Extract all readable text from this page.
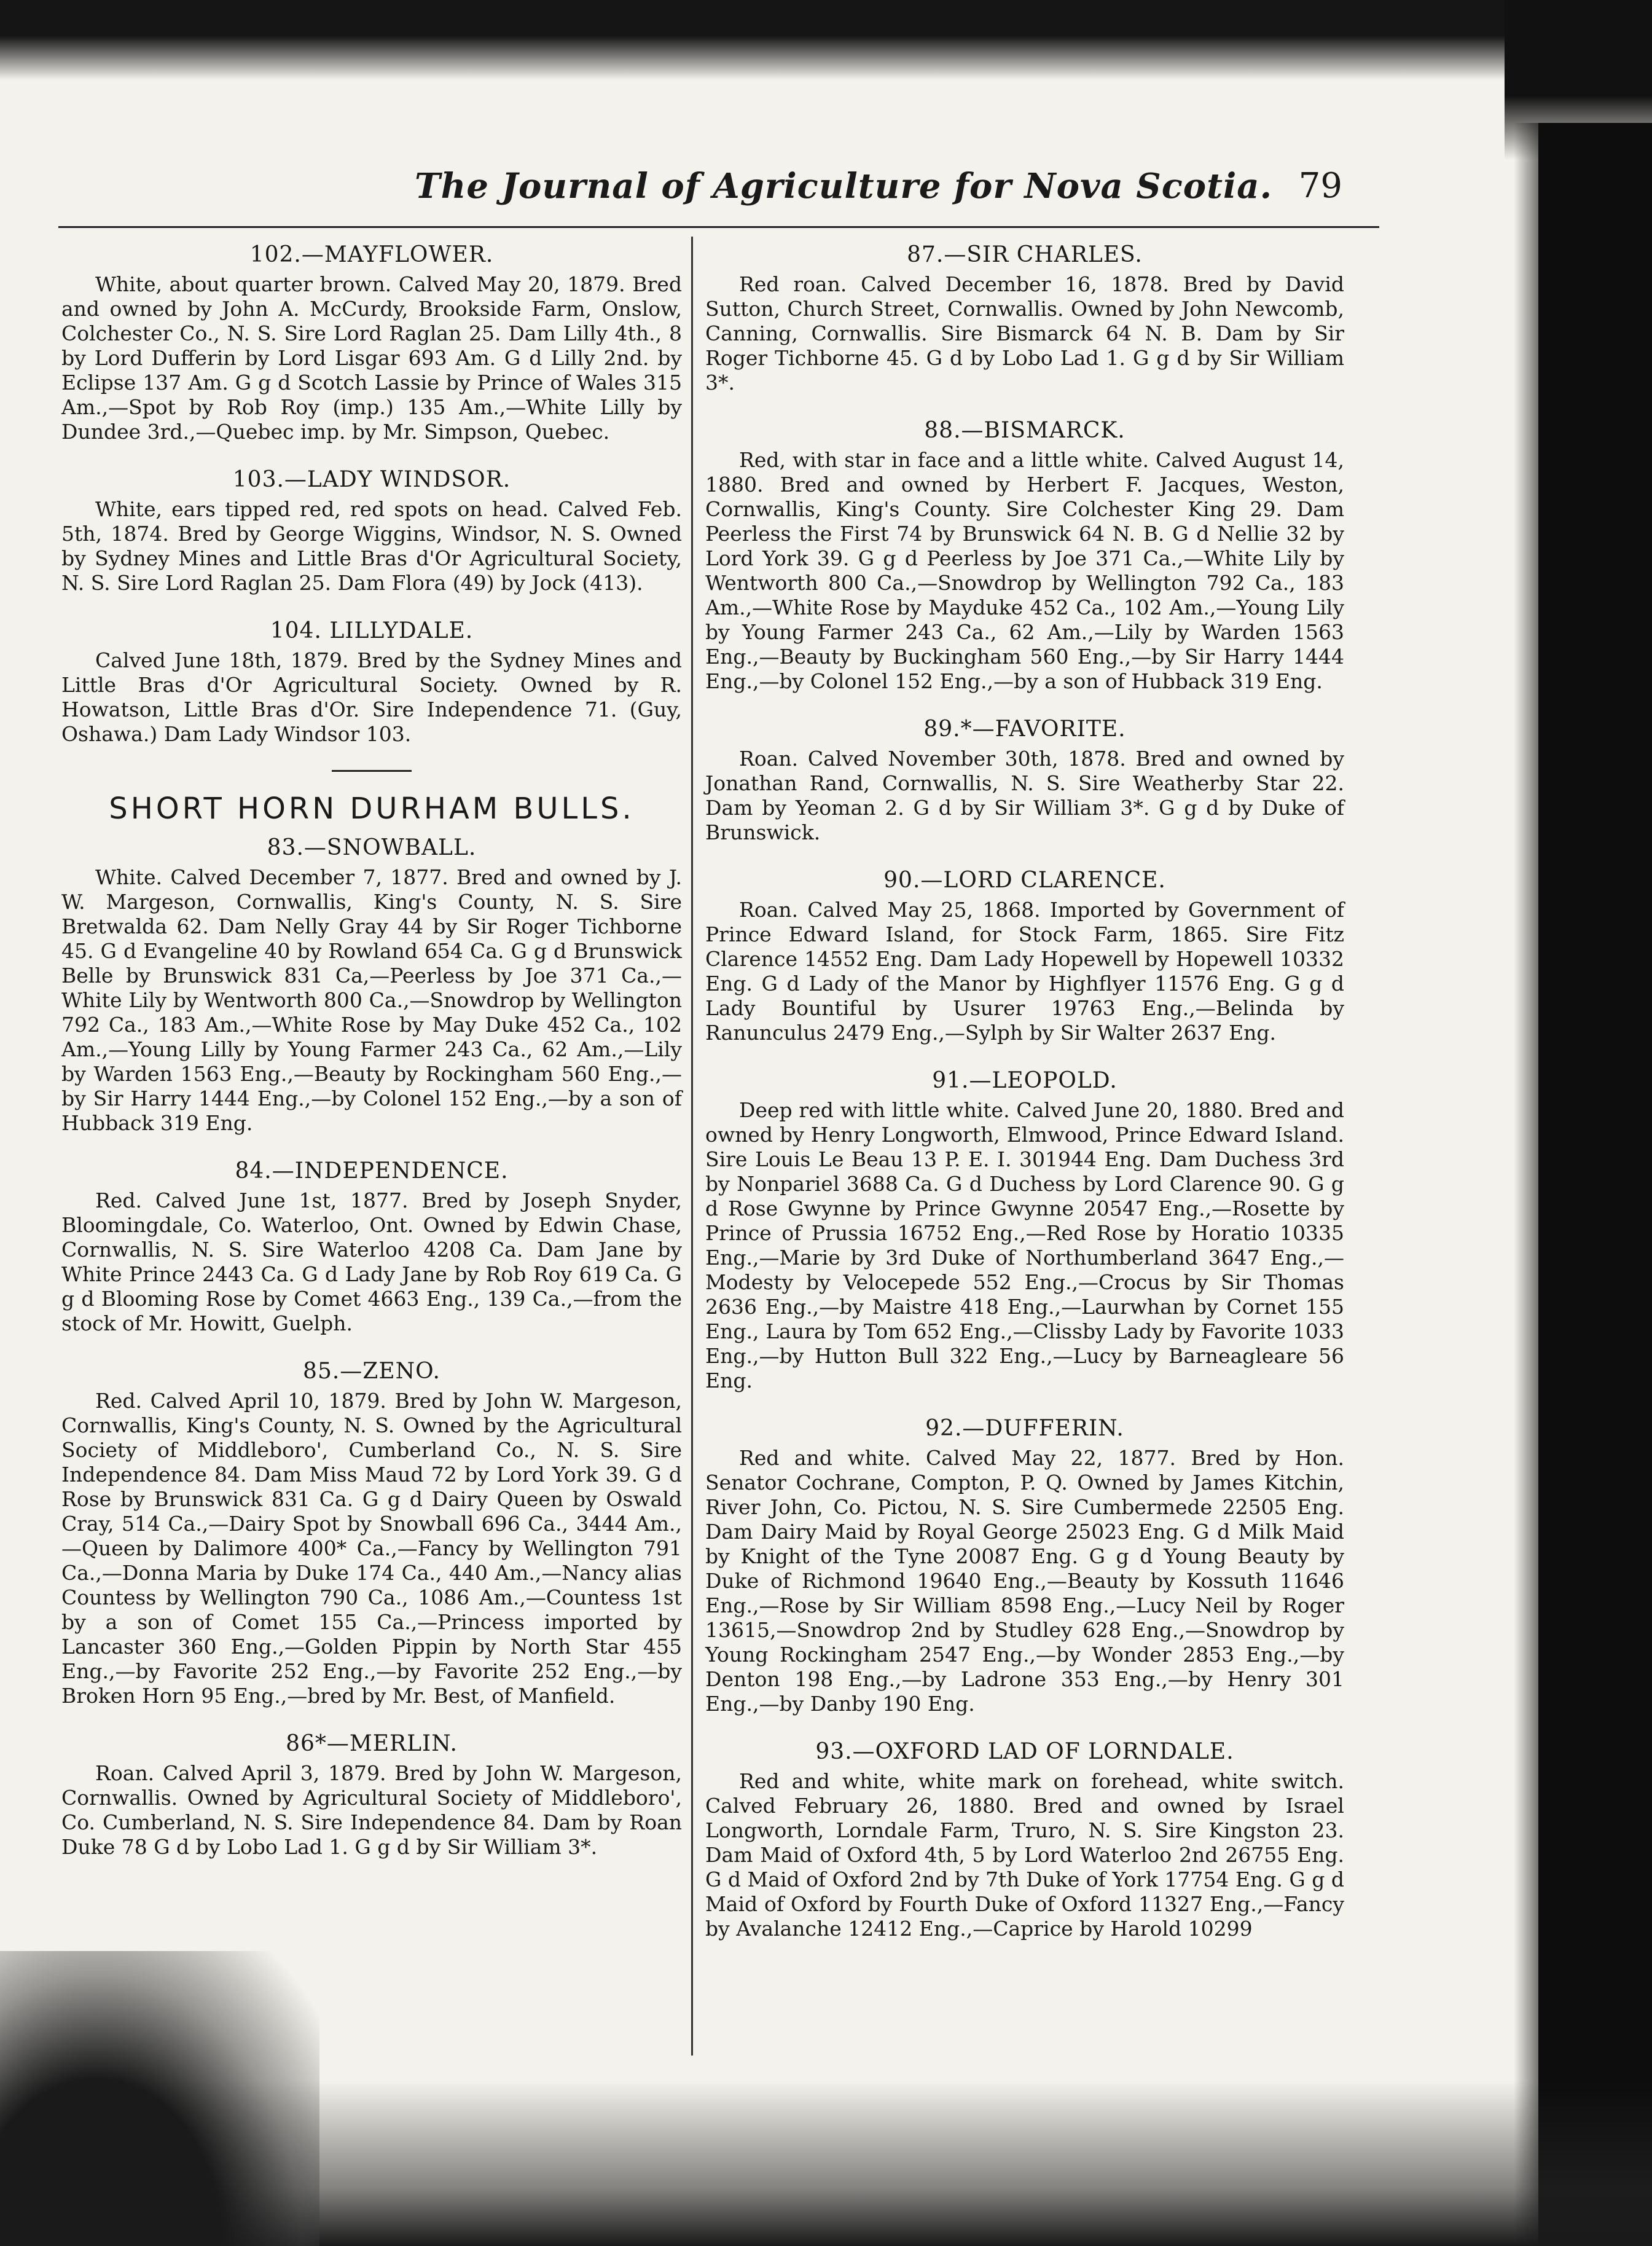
The Journal of Agriculture for Nova Scotia. 79

102.—MAYFLOWER.

White, about quarter brown. Calved May 20, 1879. Bred and owned by John A. McCurdy, Brookside Farm, Onslow, Colchester Co., N. S. Sire Lord Raglan 25. Dam Lilly 4th., 8 by Lord Dufferin by Lord Lisgar 693 Am. G d Lilly 2nd. by Eclipse 137 Am. G g d Scotch Lassie by Prince of Wales 315 Am.,—Spot by Rob Roy (imp.) 135 Am.,—White Lilly by Dundee 3rd.,—Quebec imp. by Mr. Simpson, Quebec.

103.—LADY WINDSOR.

White, ears tipped red, red spots on head. Calved Feb. 5th, 1874. Bred by George Wiggins, Windsor, N. S. Owned by Sydney Mines and Little Bras d'Or Agricultural Society, N. S. Sire Lord Raglan 25. Dam Flora (49) by Jock (413).

104. LILLYDALE.

Calved June 18th, 1879. Bred by the Sydney Mines and Little Bras d'Or Agricultural Society. Owned by R. Howatson, Little Bras d'Or. Sire Independence 71. (Guy, Oshawa.) Dam Lady Windsor 103.

SHORT HORN DURHAM BULLS.

83.—SNOWBALL.

White. Calved December 7, 1877. Bred and owned by J. W. Margeson, Cornwallis, King's County, N. S. Sire Bretwalda 62. Dam Nelly Gray 44 by Sir Roger Tichborne 45. G d Evangeline 40 by Rowland 654 Ca. G g d Brunswick Belle by Brunswick 831 Ca,—Peerless by Joe 371 Ca.,—White Lily by Wentworth 800 Ca.,—Snowdrop by Wellington 792 Ca., 183 Am.,—White Rose by May Duke 452 Ca., 102 Am.,—Young Lilly by Young Farmer 243 Ca., 62 Am.,—Lily by Warden 1563 Eng.,—Beauty by Rockingham 560 Eng.,—by Sir Harry 1444 Eng.,—by Colonel 152 Eng.,—by a son of Hubback 319 Eng.

84.—INDEPENDENCE.

Red. Calved June 1st, 1877. Bred by Joseph Snyder, Bloomingdale, Co. Waterloo, Ont. Owned by Edwin Chase, Cornwallis, N. S. Sire Waterloo 4208 Ca. Dam Jane by White Prince 2443 Ca. G d Lady Jane by Rob Roy 619 Ca. G g d Blooming Rose by Comet 4663 Eng., 139 Ca.,—from the stock of Mr. Howitt, Guelph.

85.—ZENO.

Red. Calved April 10, 1879. Bred by John W. Margeson, Cornwallis, King's County, N. S. Owned by the Agricultural Society of Middleboro', Cumberland Co., N. S. Sire Independence 84. Dam Miss Maud 72 by Lord York 39. G d Rose by Brunswick 831 Ca. G g d Dairy Queen by Oswald Cray, 514 Ca.,—Dairy Spot by Snowball 696 Ca., 3444 Am.,—Queen by Dalimore 400* Ca.,—Fancy by Wellington 791 Ca.,—Donna Maria by Duke 174 Ca., 440 Am.,—Nancy alias Countess by Wellington 790 Ca., 1086 Am.,—Countess 1st by a son of Comet 155 Ca.,—Princess imported by Lancaster 360 Eng.,—Golden Pippin by North Star 455 Eng.,—by Favorite 252 Eng.,—by Favorite 252 Eng.,—by Broken Horn 95 Eng.,—bred by Mr. Best, of Manfield.

86*—MERLIN.

Roan. Calved April 3, 1879. Bred by John W. Margeson, Cornwallis. Owned by Agricultural Society of Middleboro', Co. Cumberland, N. S. Sire Independence 84. Dam by Roan Duke 78 G d by Lobo Lad 1. G g d by Sir William 3*.

87.—SIR CHARLES.

Red roan. Calved December 16, 1878. Bred by David Sutton, Church Street, Cornwallis. Owned by John Newcomb, Canning, Cornwallis. Sire Bismarck 64 N. B. Dam by Sir Roger Tichborne 45. G d by Lobo Lad 1. G g d by Sir William 3*.

88.—BISMARCK.

Red, with star in face and a little white. Calved August 14, 1880. Bred and owned by Herbert F. Jacques, Weston, Cornwallis, King's County. Sire Colchester King 29. Dam Peerless the First 74 by Brunswick 64 N. B. G d Nellie 32 by Lord York 39. G g d Peerless by Joe 371 Ca.,—White Lily by Wentworth 800 Ca.,—Snowdrop by Wellington 792 Ca., 183 Am.,—White Rose by Mayduke 452 Ca., 102 Am.,—Young Lily by Young Farmer 243 Ca., 62 Am.,—Lily by Warden 1563 Eng.,—Beauty by Buckingham 560 Eng.,—by Sir Harry 1444 Eng.,—by Colonel 152 Eng.,—by a son of Hubback 319 Eng.

89.*—FAVORITE.

Roan. Calved November 30th, 1878. Bred and owned by Jonathan Rand, Cornwallis, N. S. Sire Weatherby Star 22. Dam by Yeoman 2. G d by Sir William 3*. G g d by Duke of Brunswick.

90.—LORD CLARENCE.

Roan. Calved May 25, 1868. Imported by Government of Prince Edward Island, for Stock Farm, 1865. Sire Fitz Clarence 14552 Eng. Dam Lady Hopewell by Hopewell 10332 Eng. G d Lady of the Manor by Highflyer 11576 Eng. G g d Lady Bountiful by Usurer 19763 Eng.,—Belinda by Ranunculus 2479 Eng.,—Sylph by Sir Walter 2637 Eng.

91.—LEOPOLD.

Deep red with little white. Calved June 20, 1880. Bred and owned by Henry Longworth, Elmwood, Prince Edward Island. Sire Louis Le Beau 13 P. E. I. 301944 Eng. Dam Duchess 3rd by Nonpariel 3688 Ca. G d Duchess by Lord Clarence 90. G g d Rose Gwynne by Prince Gwynne 20547 Eng.,—Rosette by Prince of Prussia 16752 Eng.,—Red Rose by Horatio 10335 Eng.,—Marie by 3rd Duke of Northumberland 3647 Eng.,—Modesty by Velocepede 552 Eng.,—Crocus by Sir Thomas 2636 Eng.,—by Maistre 418 Eng.,—Laurwhan by Cornet 155 Eng., Laura by Tom 652 Eng.,—Clissby Lady by Favorite 1033 Eng.,—by Hutton Bull 322 Eng.,—Lucy by Barneagleare 56 Eng.

92.—DUFFERIN.

Red and white. Calved May 22, 1877. Bred by Hon. Senator Cochrane, Compton, P. Q. Owned by James Kitchin, River John, Co. Pictou, N. S. Sire Cumbermede 22505 Eng. Dam Dairy Maid by Royal George 25023 Eng. G d Milk Maid by Knight of the Tyne 20087 Eng. G g d Young Beauty by Duke of Richmond 19640 Eng.,—Beauty by Kossuth 11646 Eng.,—Rose by Sir William 8598 Eng.,—Lucy Neil by Roger 13615,—Snowdrop 2nd by Studley 628 Eng.,—Snowdrop by Young Rockingham 2547 Eng.,—by Wonder 2853 Eng.,—by Denton 198 Eng.,—by Ladrone 353 Eng.,—by Henry 301 Eng.,—by Danby 190 Eng.

93.—OXFORD LAD OF LORNDALE.

Red and white, white mark on forehead, white switch. Calved February 26, 1880. Bred and owned by Israel Longworth, Lorndale Farm, Truro, N. S. Sire Kingston 23. Dam Maid of Oxford 4th, 5 by Lord Waterloo 2nd 26755 Eng. G d Maid of Oxford 2nd by 7th Duke of York 17754 Eng. G g d Maid of Oxford by Fourth Duke of Oxford 11327 Eng.,—Fancy by Avalanche 12412 Eng.,—Caprice by Harold 10299
